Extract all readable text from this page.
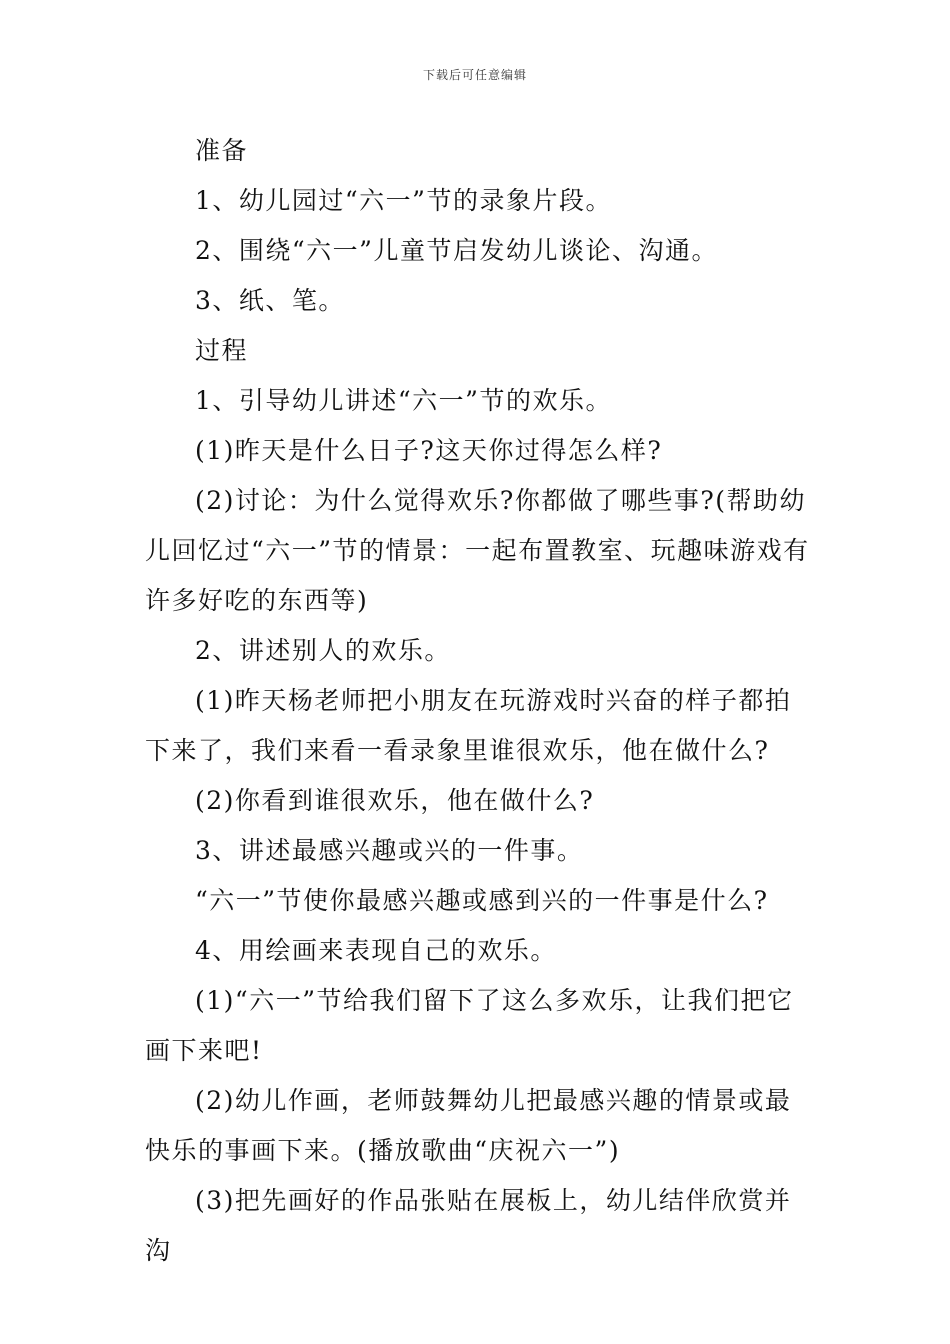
下载后可任意编辑

准备

1、幼儿园过“六一”节的录象片段。

2、围绕“六一”儿童节启发幼儿谈论、沟通。

3、纸、笔。

过程

1、引导幼儿讲述“六一”节的欢乐。

(1)昨天是什么日子?这天你过得怎么样?

(2)讨论：为什么觉得欢乐?你都做了哪些事?(帮助幼儿回忆过“六一”节的情景：一起布置教室、玩趣味游戏有许多好吃的东西等)

2、讲述别人的欢乐。

(1)昨天杨老师把小朋友在玩游戏时兴奋的样子都拍下来了，我们来看一看录象里谁很欢乐，他在做什么?

(2)你看到谁很欢乐，他在做什么?

3、讲述最感兴趣或兴的一件事。

“六一”节使你最感兴趣或感到兴的一件事是什么?

4、用绘画来表现自己的欢乐。

(1)“六一”节给我们留下了这么多欢乐，让我们把它画下来吧!

(2)幼儿作画，老师鼓舞幼儿把最感兴趣的情景或最快乐的事画下来。(播放歌曲“庆祝六一”)

(3)把先画好的作品张贴在展板上，幼儿结伴欣赏并沟
